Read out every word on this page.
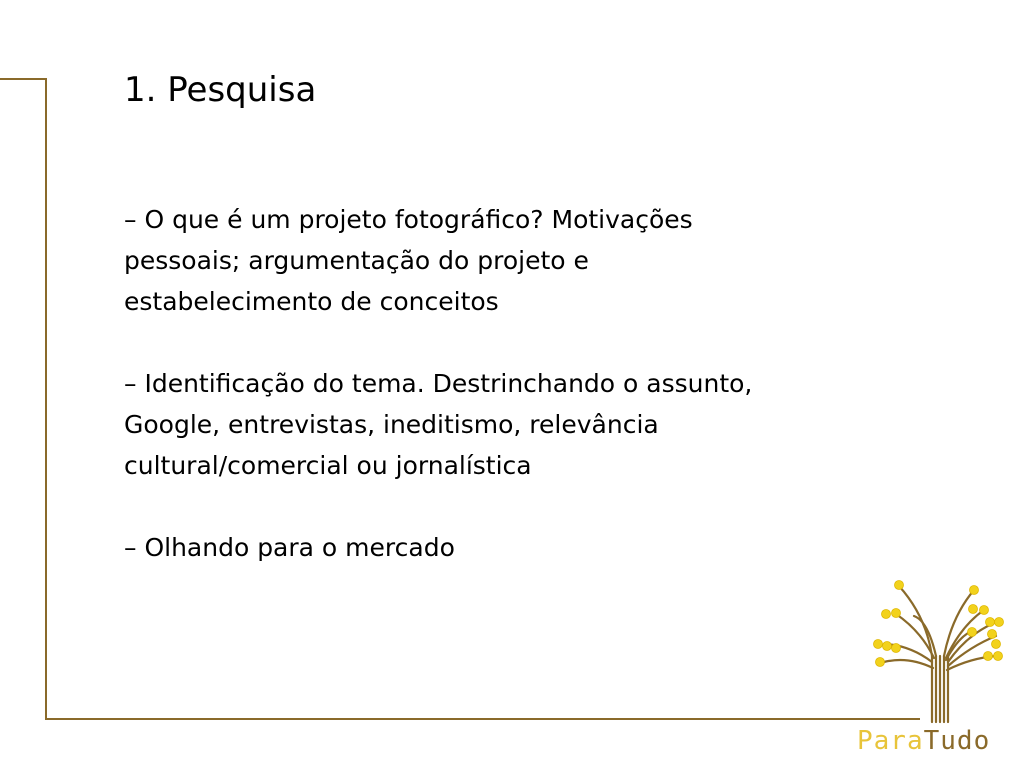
1. Pesquisa
– O que é um projeto fotográfico? Motivações
pessoais; argumentação do projeto e
estabelecimento de conceitos
– Identificação do tema. Destrinchando o assunto,
Google, entrevistas, ineditismo, relevância
cultural/comercial ou jornalística
– Olhando para o mercado
ParaTudo
